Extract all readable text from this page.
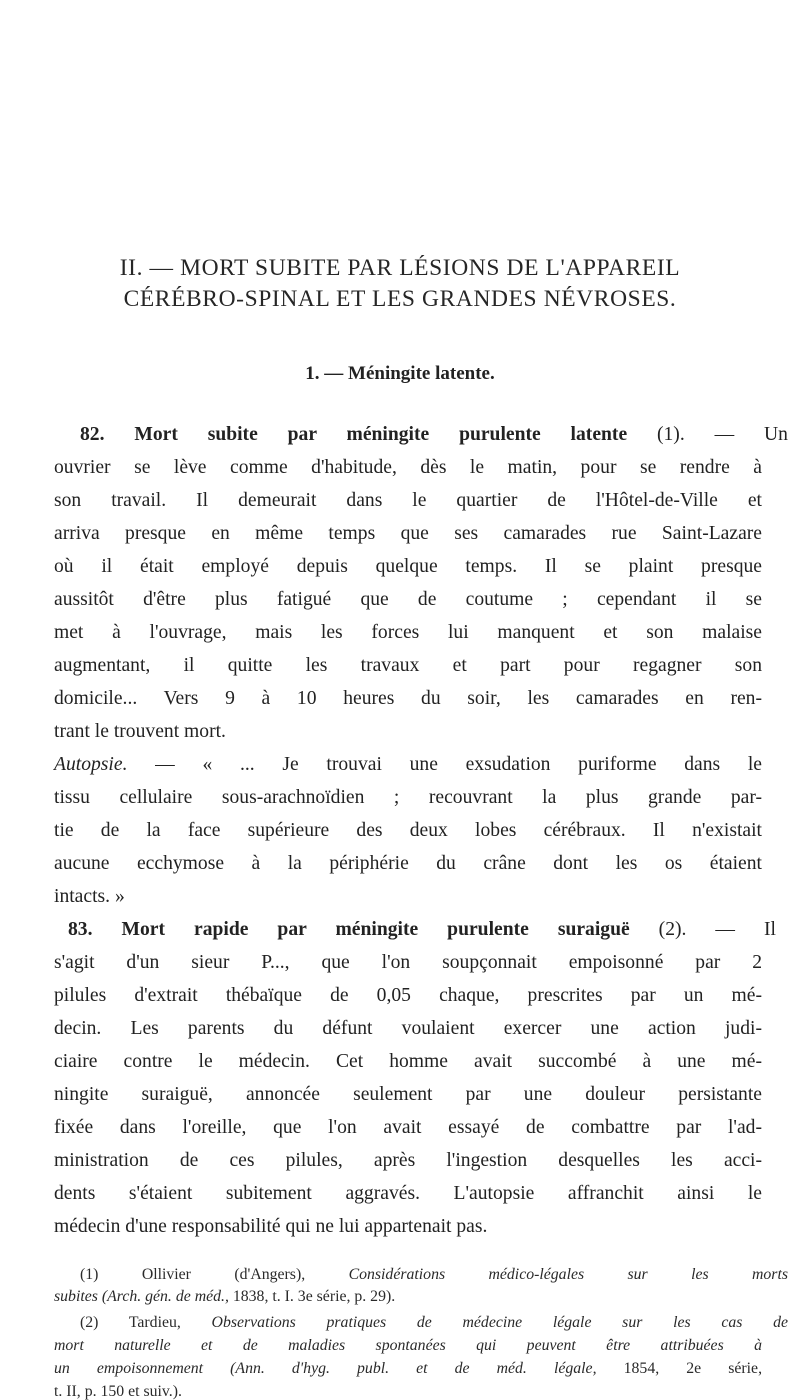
II. — MORT SUBITE PAR LÉSIONS DE L'APPAREIL
CÉRÉBRO-SPINAL ET LES GRANDES NÉVROSES.
1. — Méningite latente.
82. Mort subite par méningite purulente latente (1). — Un
ouvrier se lève comme d'habitude, dès le matin, pour se rendre à
son travail. Il demeurait dans le quartier de l'Hôtel-de-Ville et
arriva presque en même temps que ses camarades rue Saint-Lazare
où il était employé depuis quelque temps. Il se plaint presque
aussitôt d'être plus fatigué que de coutume ; cependant il se
met à l'ouvrage, mais les forces lui manquent et son malaise
augmentant, il quitte les travaux et part pour regagner son
domicile... Vers 9 à 10 heures du soir, les camarades en ren-
trant le trouvent mort.
Autopsie. — « ... Je trouvai une exsudation puriforme dans le
tissu cellulaire sous-arachnoïdien ; recouvrant la plus grande par-
tie de la face supérieure des deux lobes cérébraux. Il n'existait
aucune ecchymose à la périphérie du crâne dont les os étaient
intacts. »
83. Mort rapide par méningite purulente suraiguë (2). — Il
s'agit d'un sieur P..., que l'on soupçonnait empoisonné par 2
pilules d'extrait thébaïque de 0,05 chaque, prescrites par un mé-
decin. Les parents du défunt voulaient exercer une action judi-
ciaire contre le médecin. Cet homme avait succombé à une mé-
ningite suraiguë, annoncée seulement par une douleur persistante
fixée dans l'oreille, que l'on avait essayé de combattre par l'ad-
ministration de ces pilules, après l'ingestion desquelles les acci-
dents s'étaient subitement aggravés. L'autopsie affranchit ainsi le
médecin d'une responsabilité qui ne lui appartenait pas.
(1)	Ollivier (d'Angers),	Considérations médico-légales sur les morts
subites (Arch. gén. de méd., 1838, t. I. 3e série, p. 29).
(2) Tardieu, Observations pratiques de médecine légale sur les cas de
mort naturelle et de maladies spontanées qui peuvent être attribuées à
un empoisonnement (Ann. d'hyg. publ. et de méd. légale, 1854, 2e série,
t. II, p. 150 et suiv.).
